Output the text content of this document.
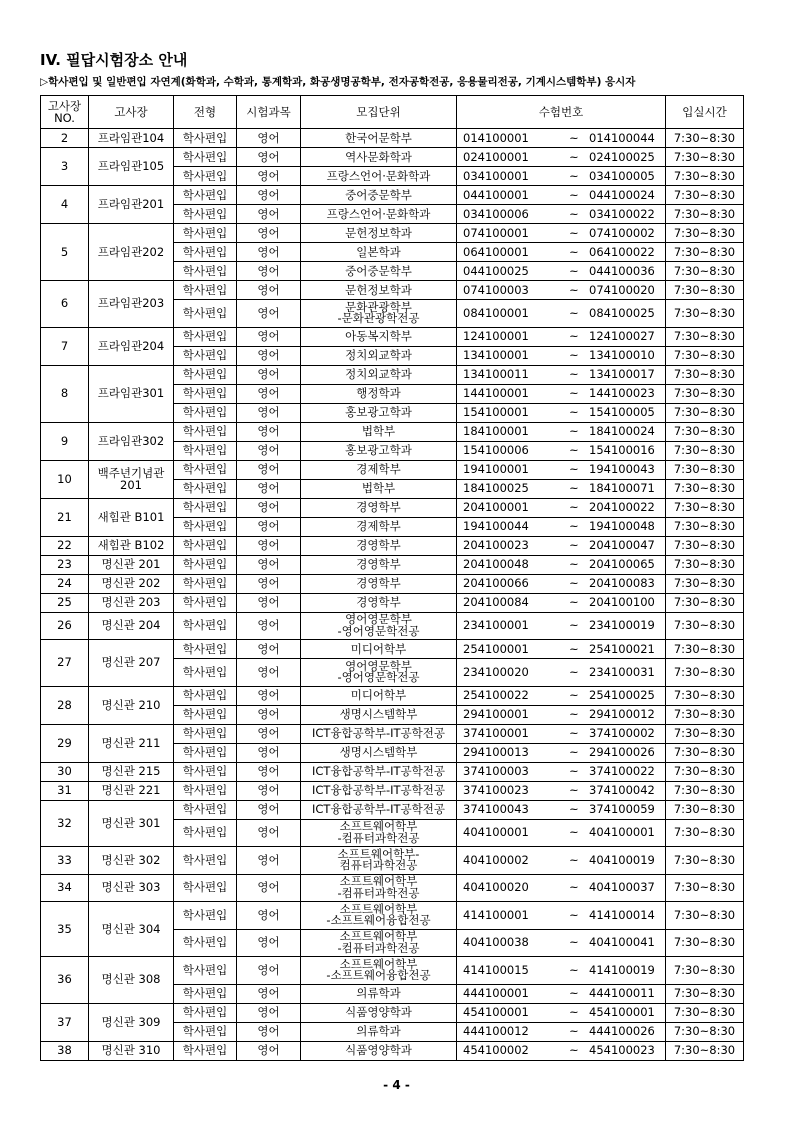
IV. 필답시험장소 안내
▷학사편입 및 일반편입 자연계(화학과, 수학과, 통계학과, 화공생명공학부, 전자공학전공, 응용물리전공, 기계시스템학부) 응시자
고사장
NO.	고사장	전형	시험과목	모집단위	수험번호	입실시간
2	프라임관104	학사편입	영어	한국어문학부	014100001 ~ 014100044	7:30~8:30
3	프라임관105	학사편입	영어	역사문화학과	024100001 ~ 024100025	7:30~8:30
		학사편입	영어	프랑스언어·문화학과	034100001 ~ 034100005	7:30~8:30
4	프라임관201	학사편입	영어	중어중문학부	044100001 ~ 044100024	7:30~8:30
		학사편입	영어	프랑스언어·문화학과	034100006 ~ 034100022	7:30~8:30
5	프라임관202	학사편입	영어	문헌정보학과	074100001 ~ 074100002	7:30~8:30
		학사편입	영어	일본학과	064100001 ~ 064100022	7:30~8:30
		학사편입	영어	중어중문학부	044100025 ~ 044100036	7:30~8:30
6	프라임관203	학사편입	영어	문헌정보학과	074100003 ~ 074100020	7:30~8:30
		학사편입	영어	문화관광학부
-문화관광학전공	084100001 ~ 084100025	7:30~8:30
7	프라임관204	학사편입	영어	아동복지학부	124100001 ~ 124100027	7:30~8:30
		학사편입	영어	정치외교학과	134100001 ~ 134100010	7:30~8:30
8	프라임관301	학사편입	영어	정치외교학과	134100011 ~ 134100017	7:30~8:30
		학사편입	영어	행정학과	144100001 ~ 144100023	7:30~8:30
		학사편입	영어	홍보광고학과	154100001 ~ 154100005	7:30~8:30
9	프라임관302	학사편입	영어	법학부	184100001 ~ 184100024	7:30~8:30
		학사편입	영어	홍보광고학과	154100006 ~ 154100016	7:30~8:30
10	백주년기념관
201	학사편입	영어	경제학부	194100001 ~ 194100043	7:30~8:30
		학사편입	영어	법학부	184100025 ~ 184100071	7:30~8:30
21	새힘관 B101	학사편입	영어	경영학부	204100001 ~ 204100022	7:30~8:30
		학사편입	영어	경제학부	194100044 ~ 194100048	7:30~8:30
22	새힘관 B102	학사편입	영어	경영학부	204100023 ~ 204100047	7:30~8:30
23	명신관 201	학사편입	영어	경영학부	204100048 ~ 204100065	7:30~8:30
24	명신관 202	학사편입	영어	경영학부	204100066 ~ 204100083	7:30~8:30
25	명신관 203	학사편입	영어	경영학부	204100084 ~ 204100100	7:30~8:30
26	명신관 204	학사편입	영어	영어영문학부
-영어영문학전공	234100001 ~ 234100019	7:30~8:30
27	명신관 207	학사편입	영어	미디어학부	254100001 ~ 254100021	7:30~8:30
		학사편입	영어	영어영문학부
-영어영문학전공	234100020 ~ 234100031	7:30~8:30
28	명신관 210	학사편입	영어	미디어학부	254100022 ~ 254100025	7:30~8:30
		학사편입	영어	생명시스템학부	294100001 ~ 294100012	7:30~8:30
29	명신관 211	학사편입	영어	ICT융합공학부-IT공학전공	374100001 ~ 374100002	7:30~8:30
		학사편입	영어	생명시스템학부	294100013 ~ 294100026	7:30~8:30
30	명신관 215	학사편입	영어	ICT융합공학부-IT공학전공	374100003 ~ 374100022	7:30~8:30
31	명신관 221	학사편입	영어	ICT융합공학부-IT공학전공	374100023 ~ 374100042	7:30~8:30
32	명신관 301	학사편입	영어	ICT융합공학부-IT공학전공	374100043 ~ 374100059	7:30~8:30
		학사편입	영어	소프트웨어학부
-컴퓨터과학전공	404100001 ~ 404100001	7:30~8:30
33	명신관 302	학사편입	영어	소프트웨어학부-
컴퓨터과학전공	404100002 ~ 404100019	7:30~8:30
34	명신관 303	학사편입	영어	소프트웨어학부
-컴퓨터과학전공	404100020 ~ 404100037	7:30~8:30
35	명신관 304	학사편입	영어	소프트웨어학부
-소프트웨어융합전공	414100001 ~ 414100014	7:30~8:30
		학사편입	영어	소프트웨어학부
-컴퓨터과학전공	404100038 ~ 404100041	7:30~8:30
36	명신관 308	학사편입	영어	소프트웨어학부
-소프트웨어융합전공	414100015 ~ 414100019	7:30~8:30
		학사편입	영어	의류학과	444100001 ~ 444100011	7:30~8:30
37	명신관 309	학사편입	영어	식품영양학과	454100001 ~ 454100001	7:30~8:30
		학사편입	영어	의류학과	444100012 ~ 444100026	7:30~8:30
38	명신관 310	학사편입	영어	식품영양학과	454100002 ~ 454100023	7:30~8:30
- 4 -
